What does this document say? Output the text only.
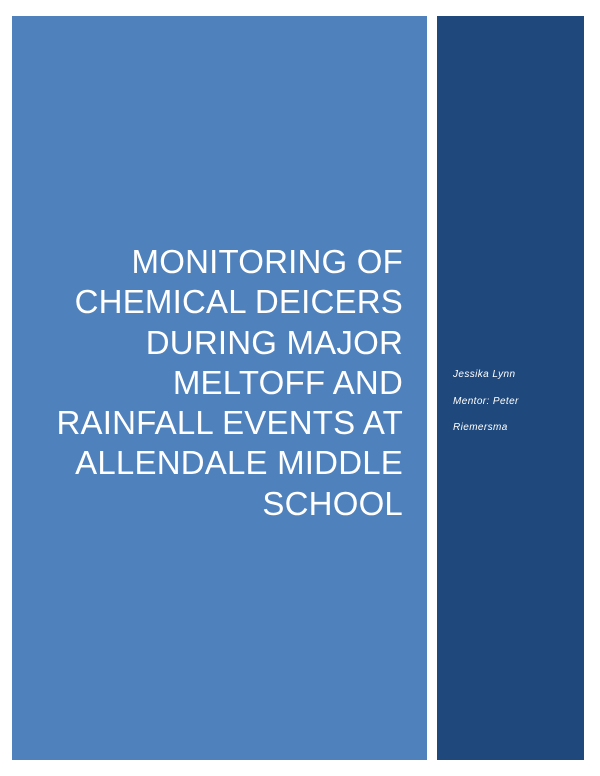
MONITORING OF
CHEMICAL DEICERS
DURING MAJOR
MELTOFF AND
RAINFALL EVENTS AT
ALLENDALE MIDDLE
SCHOOL
Jessika Lynn
Mentor: Peter
Riemersma
